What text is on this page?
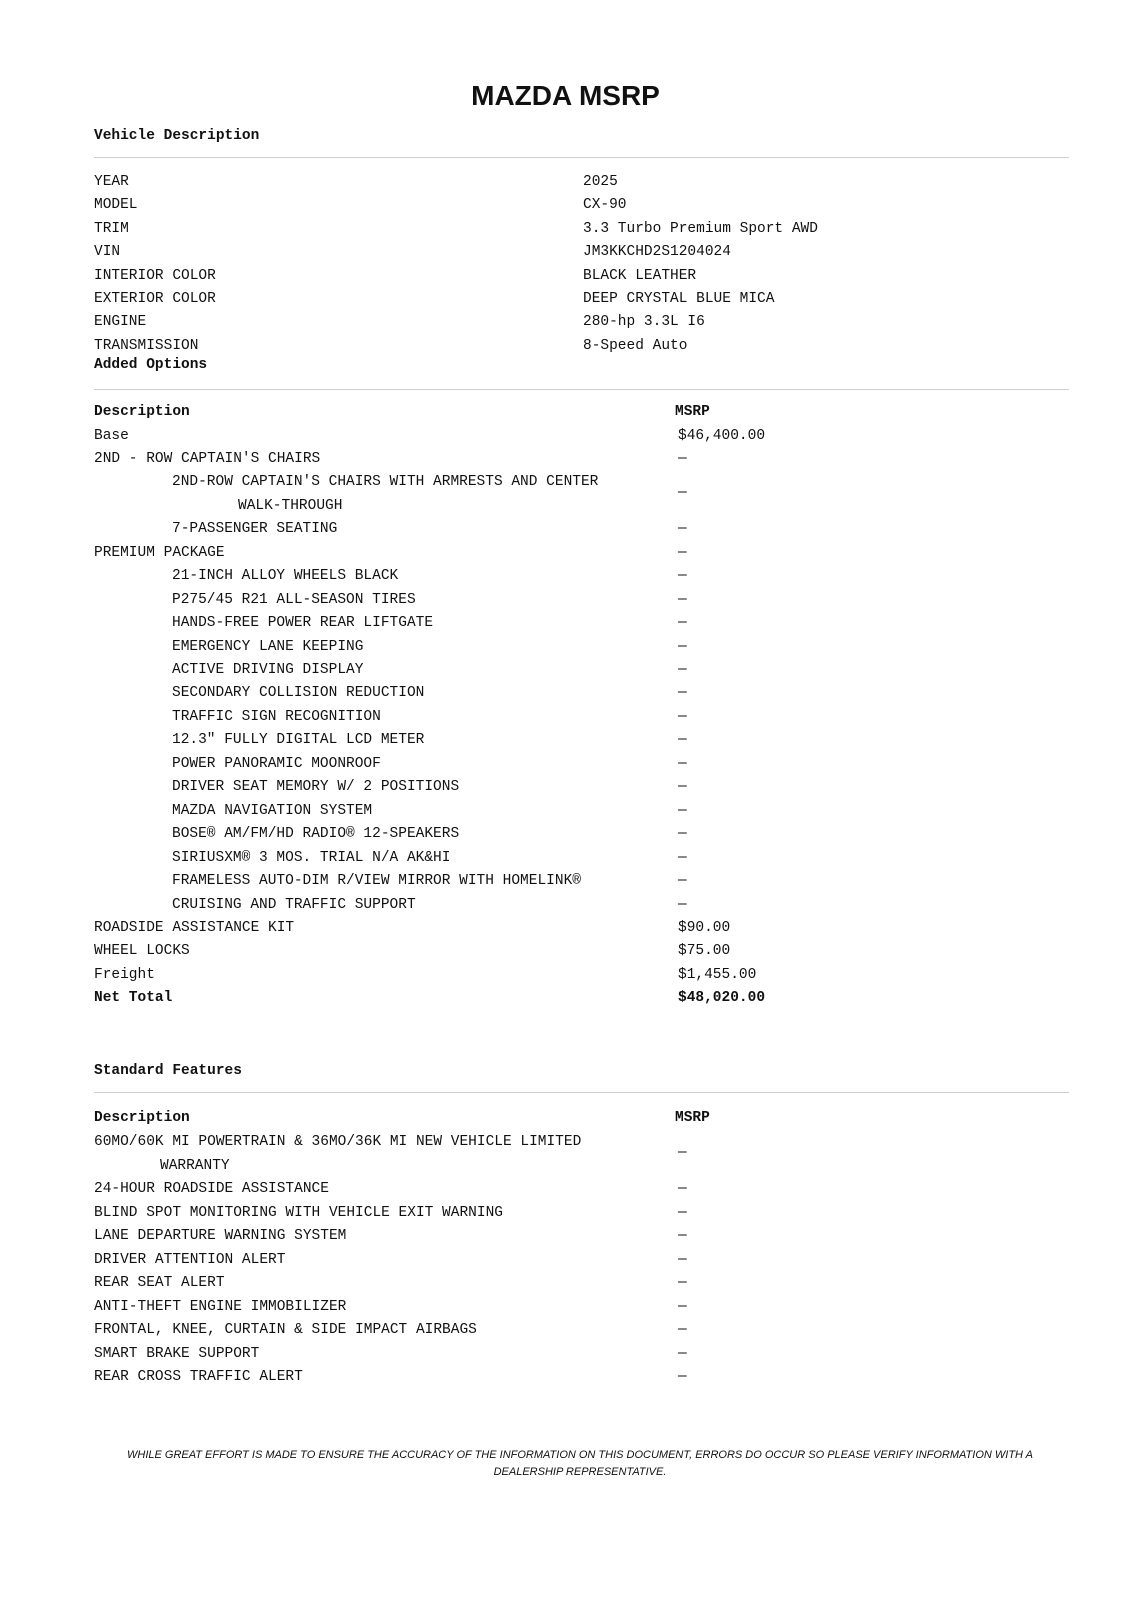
MAZDA MSRP
Vehicle Description
YEAR	2025
MODEL	CX-90
TRIM	3.3 Turbo Premium Sport AWD
VIN	JM3KKCHD2S1204024
INTERIOR COLOR	BLACK LEATHER
EXTERIOR COLOR	DEEP CRYSTAL BLUE MICA
ENGINE	280-hp 3.3L I6
TRANSMISSION	8-Speed Auto
Added Options
Description	MSRP
Base	$46,400.00
2ND - ROW CAPTAIN'S CHAIRS	—
2ND-ROW CAPTAIN'S CHAIRS WITH ARMRESTS AND CENTER
WALK-THROUGH
—
7-PASSENGER SEATING	—
PREMIUM PACKAGE	—
21-INCH ALLOY WHEELS BLACK	—
P275/45 R21 ALL-SEASON TIRES	—
HANDS-FREE POWER REAR LIFTGATE	—
EMERGENCY LANE KEEPING	—
ACTIVE DRIVING DISPLAY	—
SECONDARY COLLISION REDUCTION	—
TRAFFIC SIGN RECOGNITION	—
12.3" FULLY DIGITAL LCD METER	—
POWER PANORAMIC MOONROOF	—
DRIVER SEAT MEMORY W/ 2 POSITIONS	—
MAZDA NAVIGATION SYSTEM	—
BOSE® AM/FM/HD RADIO® 12-SPEAKERS	—
SIRIUSXM® 3 MOS. TRIAL N/A AK&HI	—
FRAMELESS AUTO-DIM R/VIEW MIRROR WITH HOMELINK®	—
CRUISING AND TRAFFIC SUPPORT	—
ROADSIDE ASSISTANCE KIT	$90.00
WHEEL LOCKS	$75.00
Freight	$1,455.00
Net Total	$48,020.00
Standard Features
Description	MSRP
60MO/60K MI POWERTRAIN & 36MO/36K MI NEW VEHICLE LIMITED
WARRANTY
—
24-HOUR ROADSIDE ASSISTANCE	—
BLIND SPOT MONITORING WITH VEHICLE EXIT WARNING	—
LANE DEPARTURE WARNING SYSTEM	—
DRIVER ATTENTION ALERT	—
REAR SEAT ALERT	—
ANTI-THEFT ENGINE IMMOBILIZER	—
FRONTAL, KNEE, CURTAIN & SIDE IMPACT AIRBAGS	—
SMART BRAKE SUPPORT	—
REAR CROSS TRAFFIC ALERT	—
WHILE GREAT EFFORT IS MADE TO ENSURE THE ACCURACY OF THE INFORMATION ON THIS DOCUMENT, ERRORS DO OCCUR SO PLEASE VERIFY INFORMATION WITH A
DEALERSHIP REPRESENTATIVE.
